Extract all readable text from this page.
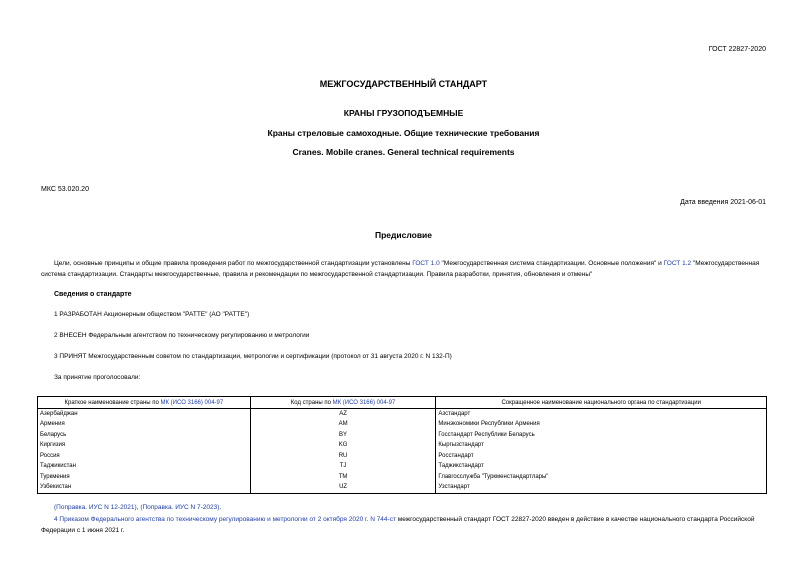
ГОСТ 22827-2020
МЕЖГОСУДАРСТВЕННЫЙ СТАНДАРТ
КРАНЫ ГРУЗОПОДЪЕМНЫЕ
Краны стреловые самоходные. Общие технические требования
Cranes. Mobile cranes. General technical requirements
МКС 53.020.20
Дата введения 2021-06-01
Предисловие
Цели, основные принципы и общие правила проведения работ по межгосударственной стандартизации установлены ГОСТ 1.0 "Межгосударственная система стандартизации. Основные положения" и ГОСТ 1.2 "Межгосударственная система стандартизации. Стандарты межгосударственные, правила и рекомендации по межгосударственной стандартизации. Правила разработки, принятия, обновления и отмены"
Сведения о стандарте
1 РАЗРАБОТАН Акционерным обществом "РАТТЕ" (АО "РАТТЕ")
2 ВНЕСЕН Федеральным агентством по техническому регулированию и метрологии
3 ПРИНЯТ Межгосударственным советом по стандартизации, метрологии и сертификации (протокол от 31 августа 2020 г. N 132-П)
За принятие проголосовали:
Краткое наименование страны по МК (ИСО 3166) 004-97	Код страны по МК (ИСО 3166) 004-97	Сокращенное наименование национального органа по стандартизации
Азербайджан	AZ	Азстандарт
Армения	AM	Минэкономики Республики Армения
Беларусь	BY	Госстандарт Республики Беларусь
Киргизия	KG	Кыргызстандарт
Россия	RU	Росстандарт
Таджикистан	TJ	Таджикстандарт
Туркмения	TM	Главгосслужба "Туркменстандартлары"
Узбекистан	UZ	Узстандарт
(Поправка. ИУС N 12-2021), (Поправка. ИУС N 7-2023).
4 Приказом Федерального агентства по техническому регулированию и метрологии от 2 октября 2020 г. N 744-ст межгосударственный стандарт ГОСТ 22827-2020 введен в действие в качестве национального стандарта Российской Федерации с 1 июня 2021 г.
